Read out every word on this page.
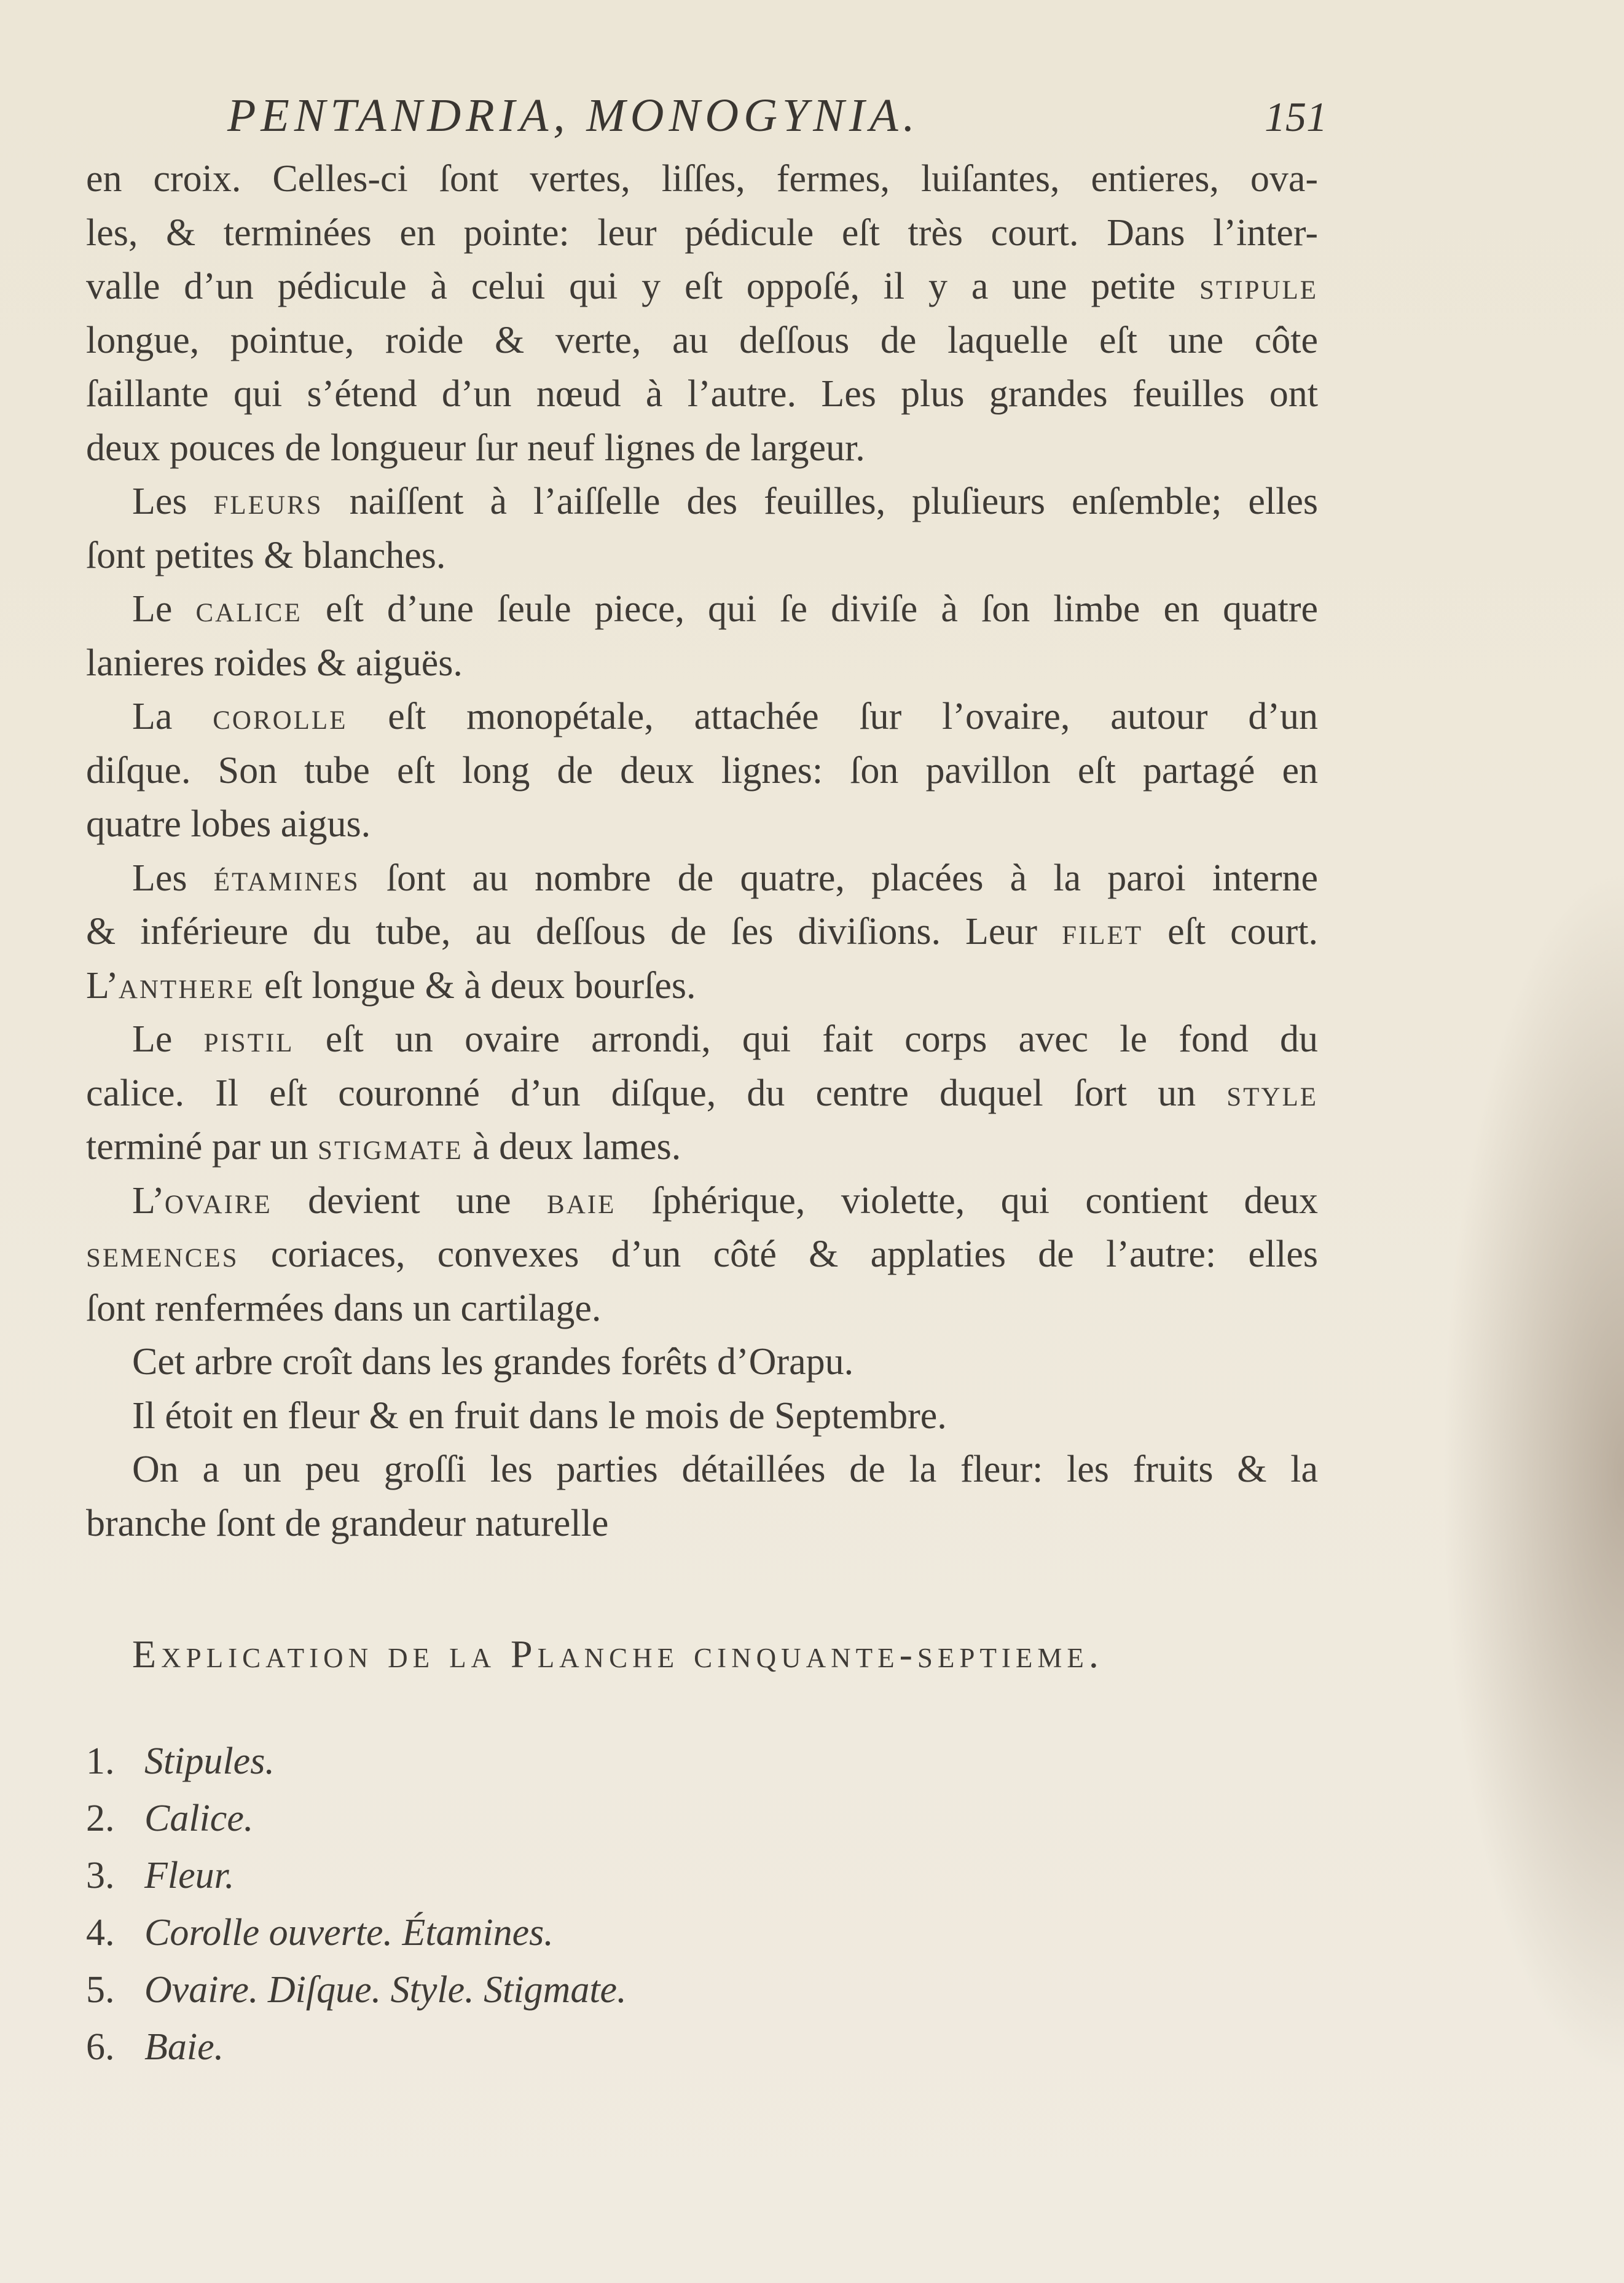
PENTANDRIA, MONOGYNIA.	151
en croix. Celles-ci ſont vertes, liſſes, fermes, luiſantes, entieres, ova-
les, & terminées en pointe: leur pédicule eſt très court. Dans l’inter-
valle d’un pédicule à celui qui y eſt oppoſé, il y a une petite stipule
longue, pointue, roide & verte, au deſſous de laquelle eſt une côte
ſaillante qui s’étend d’un nœud à l’autre. Les plus grandes feuilles ont
deux pouces de longueur ſur neuf lignes de largeur.
Les fleurs naiſſent à l’aiſſelle des feuilles, pluſieurs enſemble; elles
ſont petites & blanches.
Le calice eſt d’une ſeule piece, qui ſe diviſe à ſon limbe en quatre
lanieres roides & aiguës.
La corolle eſt monopétale, attachée ſur l’ovaire, autour d’un
diſque. Son tube eſt long de deux lignes: ſon pavillon eſt partagé en
quatre lobes aigus.
Les étamines ſont au nombre de quatre, placées à la paroi interne
& inférieure du tube, au deſſous de ſes diviſions. Leur filet eſt court.
L’anthere eſt longue & à deux bourſes.
Le pistil eſt un ovaire arrondi, qui fait corps avec le fond du
calice. Il eſt couronné d’un diſque, du centre duquel ſort un style
terminé par un stigmate à deux lames.
L’ovaire devient une baie ſphérique, violette, qui contient deux
semences coriaces, convexes d’un côté & applaties de l’autre: elles
ſont renfermées dans un cartilage.
Cet arbre croît dans les grandes forêts d’Orapu.
Il étoit en fleur & en fruit dans le mois de Septembre.
On a un peu groſſi les parties détaillées de la fleur: les fruits & la
branche ſont de grandeur naturelle
Explication de la Planche cinquante-septieme.
1. Stipules.
2. Calice.
3. Fleur.
4. Corolle ouverte. Étamines.
5. Ovaire. Diſque. Style. Stigmate.
6. Baie.
